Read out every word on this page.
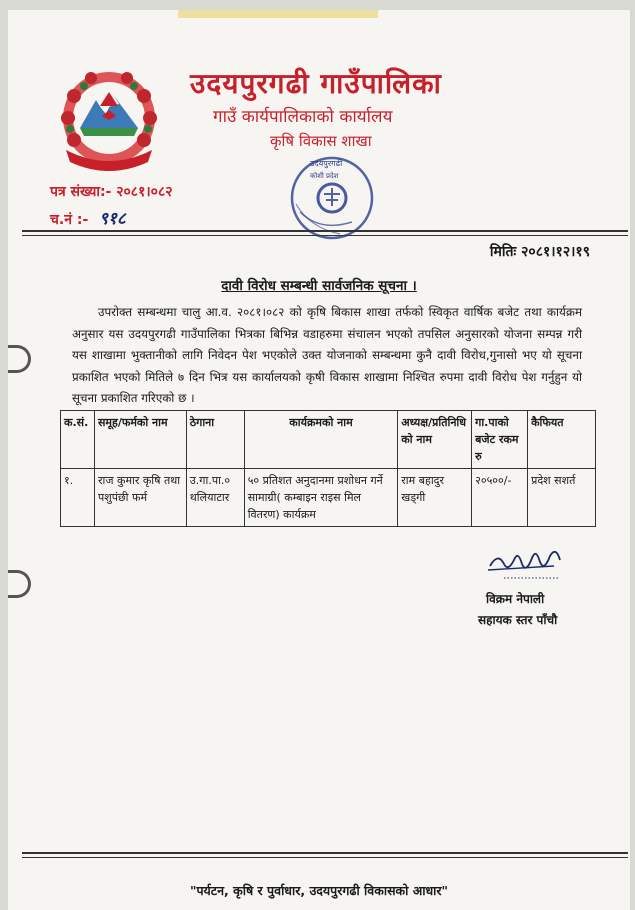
उदयपुरगढी गाउँपालिका
गाउँ कार्यपालिकाको कार्यालय
कृषि विकास शाखा
उदयपुरगढी
कोशी प्रदेश
पत्र संख्या:- २०८१।०८२
च.नं :- ९१८
मितिः २०८१।१२।१९
दावी विरोध सम्बन्धी सार्वजनिक सूचना ।

उपरोक्त सम्बन्धमा चालु आ.व. २०८१।०८२ को कृषि बिकास शाखा तर्फको स्विकृत वार्षिक बजेट तथा कार्यक्रम अनुसार यस उदयपुरगढी गाउँपालिका भित्रका बिभिन्न वडाहरुमा संचालन भएको तपसिल अनुसारको योजना सम्पन्न गरी यस शाखामा भुक्तानीको लागि निवेदन पेश भएकोले उक्त योजनाको सम्बन्धमा कुनै दावी विरोध,गुनासो भए यो सूचना प्रकाशित भएको मितिले ७ दिन भित्र यस कार्यालयको कृषी विकास शाखामा निश्चित रुपमा दावी विरोध पेश गर्नुहुन यो सूचना प्रकाशित गरिएको छ ।

क.सं.	समूह/फर्मको नाम	ठेगाना	कार्यक्रमको नाम	अध्यक्ष/प्रतिनिधि को नाम	गा.पाको बजेट रकम रु	कैफियत
१.	राज कुमार कृषि तथा पशुपंछी फर्म	उ.गा.पा.० थलियाटार	५० प्रतिशत अनुदानमा प्रशोधन गर्ने सामाग्री( कम्बाइन राइस मिल वितरण) कार्यक्रम	राम बहादुर खड्गी	२०५००/-	प्रदेश सशर्त
विक्रम नेपाली
सहायक स्तर पाँचौ
"पर्यटन, कृषि र पुर्वाधार, उदयपुरगढी विकासको आधार"
